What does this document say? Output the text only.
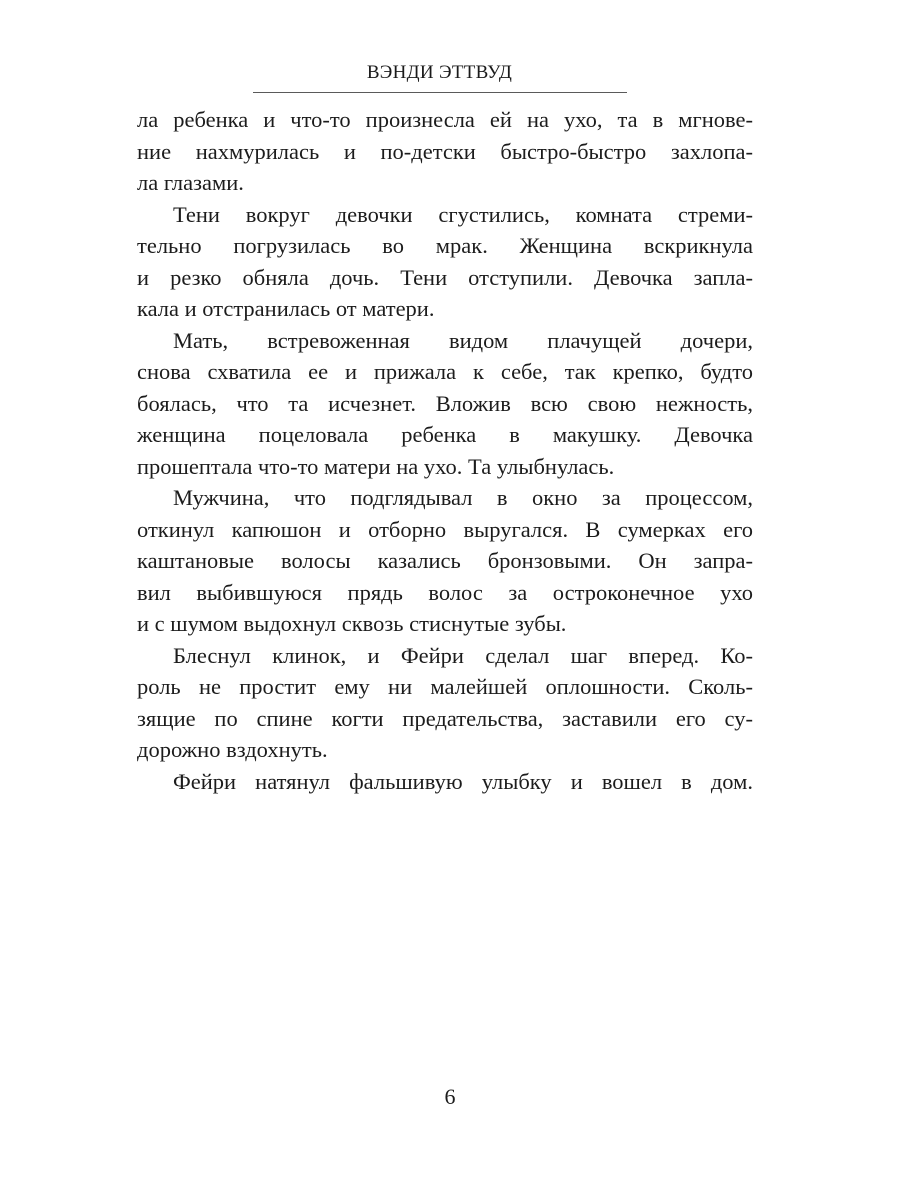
ВЭНДИ ЭТТВУД
ла ребенка и что-то произнесла ей на ухо, та в мгнове-
ние нахмурилась и по-детски быстро-быстро захлопа-
ла глазами.
Тени вокруг девочки сгустились, комната стреми-
тельно погрузилась во мрак. Женщина вскрикнула
и резко обняла дочь. Тени отступили. Девочка запла-
кала и отстранилась от матери.
Мать, встревоженная видом плачущей дочери,
снова схватила ее и прижала к себе, так крепко, будто
боялась, что та исчезнет. Вложив всю свою нежность,
женщина поцеловала ребенка в макушку. Девочка
прошептала что-то матери на ухо. Та улыбнулась.
Мужчина, что подглядывал в окно за процессом,
откинул капюшон и отборно выругался. В сумерках его
каштановые волосы казались бронзовыми. Он запра-
вил выбившуюся прядь волос за остроконечное ухо
и с шумом выдохнул сквозь стиснутые зубы.
Блеснул клинок, и Фейри сделал шаг вперед. Ко-
роль не простит ему ни малейшей оплошности. Сколь-
зящие по спине когти предательства, заставили его су-
дорожно вздохнуть.
Фейри натянул фальшивую улыбку и вошел в дом.
6
